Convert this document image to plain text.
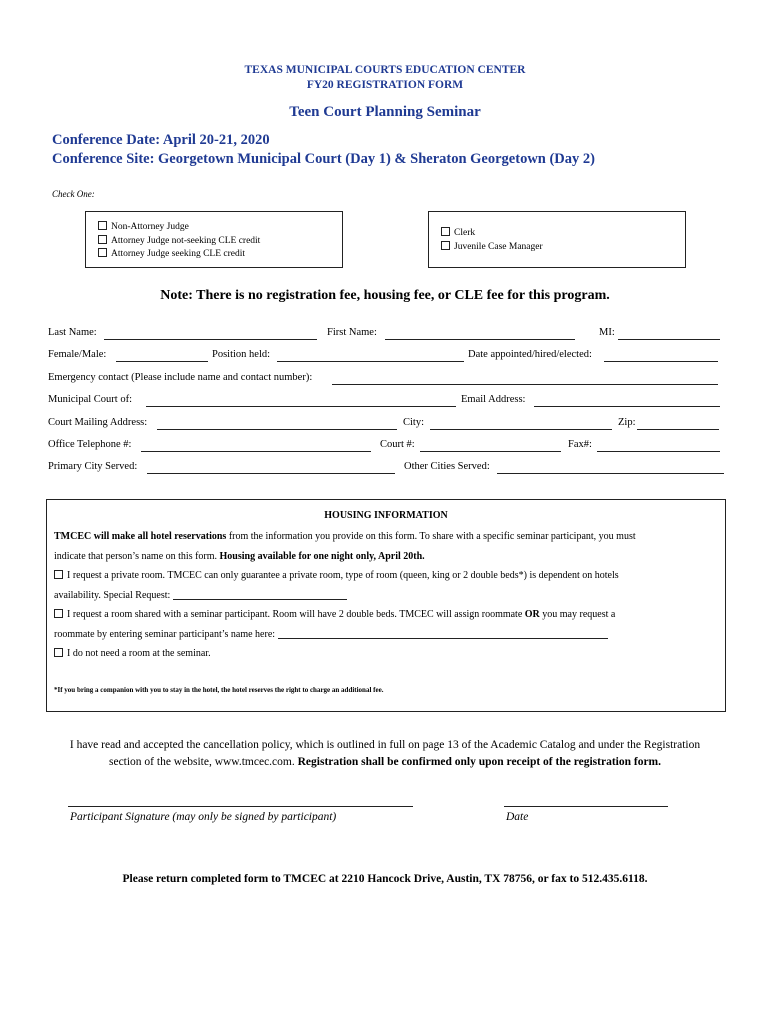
TEXAS MUNICIPAL COURTS EDUCATION CENTER
FY20 REGISTRATION FORM
Teen Court Planning Seminar
Conference Date: April 20-21, 2020
Conference Site: Georgetown Municipal Court (Day 1) & Sheraton Georgetown (Day 2)
Check One:
Non-Attorney Judge
Attorney Judge not-seeking CLE credit
Attorney Judge seeking CLE credit
Clerk
Juvenile Case Manager
Note: There is no registration fee, housing fee, or CLE fee for this program.
Last Name:	First Name:	MI:
Female/Male:	Position held:	Date appointed/hired/elected:
Emergency contact (Please include name and contact number):
Municipal Court of:	Email Address:
Court Mailing Address:	City:	Zip:
Office Telephone #:	Court #:	Fax#:
Primary City Served:	Other Cities Served:
HOUSING INFORMATION
TMCEC will make all hotel reservations from the information you provide on this form. To share with a specific seminar participant, you must
indicate that person’s name on this form. Housing available for one night only, April 20th.
I request a private room. TMCEC can only guarantee a private room, type of room (queen, king or 2 double beds*) is dependent on hotels
availability. Special Request:
I request a room shared with a seminar participant. Room will have 2 double beds. TMCEC will assign roommate OR you may request a
roommate by entering seminar participant’s name here:
I do not need a room at the seminar.
*If you bring a companion with you to stay in the hotel, the hotel reserves the right to charge an additional fee.
I have read and accepted the cancellation policy, which is outlined in full on page 13 of the Academic Catalog and under the Registration
section of the website, www.tmcec.com. Registration shall be confirmed only upon receipt of the registration form.
Participant Signature (may only be signed by participant)	Date
Please return completed form to TMCEC at 2210 Hancock Drive, Austin, TX 78756, or fax to 512.435.6118.
